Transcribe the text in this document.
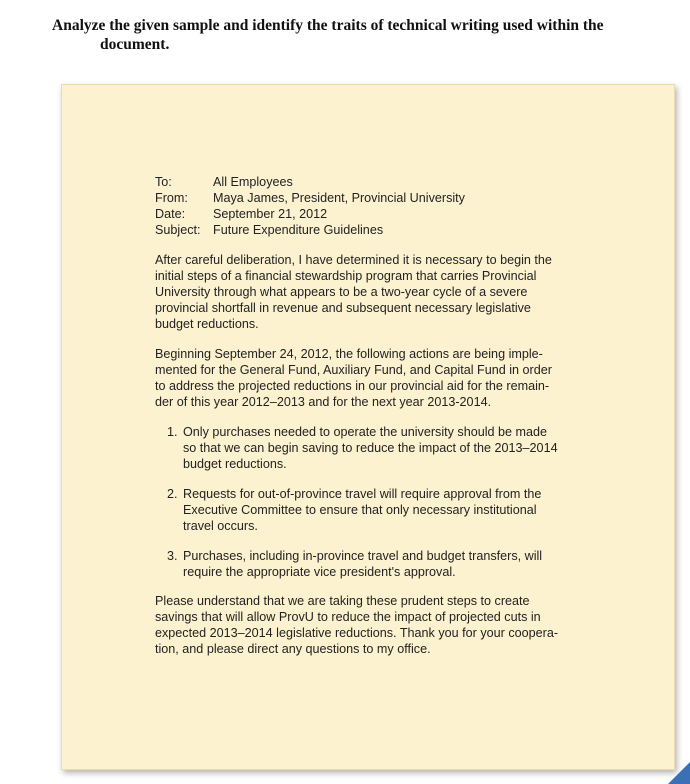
Analyze the given sample and identify the traits of technical writing used within the
document.
To:	All Employees
From:	Maya James, President, Provincial University
Date:	September 21, 2012
Subject: Future Expenditure Guidelines

After careful deliberation, I have determined it is necessary to begin the
initial steps of a financial stewardship program that carries Provincial
University through what appears to be a two-year cycle of a severe
provincial shortfall in revenue and subsequent necessary legislative
budget reductions.

Beginning September 24, 2012, the following actions are being imple-
mented for the General Fund, Auxiliary Fund, and Capital Fund in order
to address the projected reductions in our provincial aid for the remain-
der of this year 2012–2013 and for the next year 2013-2014.

1. Only purchases needed to operate the university should be made
so that we can begin saving to reduce the impact of the 2013–2014
budget reductions.
2. Requests for out-of-province travel will require approval from the
Executive Committee to ensure that only necessary institutional
travel occurs.
3. Purchases, including in-province travel and budget transfers, will
require the appropriate vice president's approval.

Please understand that we are taking these prudent steps to create
savings that will allow ProvU to reduce the impact of projected cuts in
expected 2013–2014 legislative reductions. Thank you for your coopera-
tion, and please direct any questions to my office.
